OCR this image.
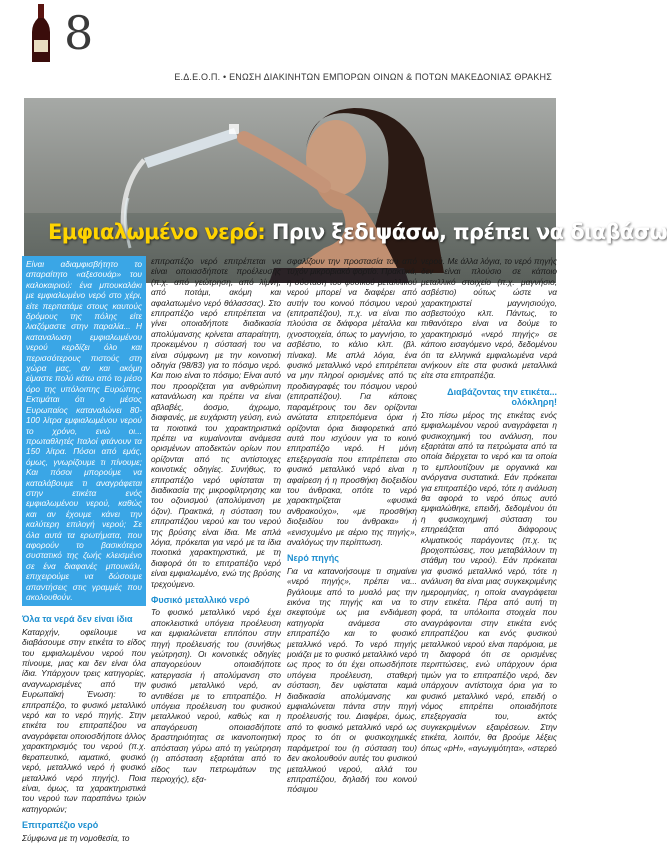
8
Ε.Δ.Ε.Ο.Π. • ΕΝΩΣΗ ΔΙΑΚΙΝΗΤΩΝ ΕΜΠΟΡΩΝ ΟΙΝΩΝ & ΠΟΤΩΝ ΜΑΚΕΔΟΝΙΑΣ ΘΡΑΚΗΣ
Εμφιαλωμένο νερό: Πριν ξεδιψάσω, πρέπει να διαβάσω

Είναι αδιαμφισβήτητο το απαραίτητο «αξεσουάρ» του καλοκαιριού: ένα μπουκαλάκι με εμφιαλωμένο νερό στο χέρι, είτε περπατάμε στους καυτούς δρόμους της πόλης είτε λιαζόμαστε στην παραλία... Η καταναλωση εμφιαλωμένου νερού κερδίζει όλο και περισσότερους πιστούς στη χώρα μας, αν και ακόμη είμαστε πολύ κάτω από το μέσο όρο της υπόλοιπης Ευρώπης. Εκτιμάται ότι ο μέσος Ευρωπαίος καταναλώνει 80-100 λίτρα εμφιαλωμένου νερού το χρόνο, ενώ οι... πρωταθλητές Ιταλοί φτάνουν τα 150 λίτρα. Πόσοι από εμάς, όμως, γνωρίζουμε τι πίνουμε; Και πόσοι μπορούμε να καταλάβουμε τι αναγράφεται στην ετικέτα ενός εμφιαλωμένου νερού, καθώς και αν έχουμε κάνει την καλύτερη επιλογή νερού; Σε όλα αυτά τα ερωτήματα, που αφορούν το βασικότερο συστατικό της ζωής κλεισμένο σε ένα διαφανές μπουκάλι, επιχειρούμε να δώσουμε απαντήσεις στις γραμμές που ακολουθούν.

Όλα τα νερά δεν είναι ίδια

Καταρχήν, οφείλουμε να διαβάσουμε στην ετικέτα το είδος του εμφιαλωμένου νερού που πίνουμε, μιας και δεν είναι όλα ίδια. Υπάρχουν τρεις κατηγορίες, αναγνωρισμένες από την Ευρωπαϊκή Ένωση: το επιτραπέζιο, το φυσικό μεταλλικό νερό και το νερό πηγής. Στην ετικέτα του επιτραπέζιου να αναγράφεται οποιοσδήποτε άλλος χαρακτηρισμός του νερού (π.χ. θεραπευτικό, ιαματικό, φυσικό νερό, μεταλλικό νερό ή φυσικό μεταλλικό νερό πηγής). Ποια είναι, όμως, τα χαρακτηριστικά του νερού των παραπάνω τριών κατηγοριών;

Επιτραπέζιο νερό

Σύμφωνα με τη νομοθεσία, το

επιτραπέζιο νερό επιτρέπεται να είναι οποιασδήποτε προέλευσης (π.χ. από γεώτρηση, από λίμνη, από ποτάμι, ακόμη και αφαλατωμένο νερό θάλασσας). Στο επιτραπέζιο νερό επιτρέπεται να γίνει οποιαδήποτε διαδικασία απολύμανσης κρίνεται απαραίτητη, προκειμένου η σύστασή του να είναι σύμφωνη με την κοινοτική οδηγία (98/83) για το πόσιμο νερό. Και ποιο είναι το πόσιμο; Είναι αυτό που προορίζεται για ανθρώπινη κατανάλωση και πρέπει να είναι αβλαβές, άοσμο, άχρωμο, διαφανές, με ευχάριστη γεύση, ενώ τα ποιοτικά του χαρακτηριστικά πρέπει να κυμαίνονται ανάμεσα ορισμένων αποδεκτών ορίων που ορίζονται από τις αντίστοιχες κοινοτικές οδηγίες. Συνήθως, το επιτραπέζιο νερό υφίσταται τη διαδικασία της μικροφίλτρησης και του οζονισμού (απολύμανση με όζον). Πρακτικά, η σύσταση του επιτραπέζιου νερού και του νερού της βρύσης είναι ίδια. Με απλά λόγια, πρόκειται για νερό με τα ίδια ποιοτικά χαρακτηριστικά, με τη διαφορά ότι το επιτραπέζιο νερό είναι εμφιαλωμένο, ενώ της βρύσης τρεχούμενο.

Φυσικό μεταλλικό νερό

Το φυσικό μεταλλικό νερό έχει αποκλειστικά υπόγεια προέλευση και εμφιαλώνεται επιτόπου στην πηγή προέλευσής του (συνήθως γεώτρηση). Οι κοινοτικές οδηγίες απαγορεύουν οποιαδήποτε κατεργασία ή απολύμανση στο φυσικό μεταλλικό νερό, αν αντιθέσει με το επιτραπέζιο. Η υπόγεια προέλευση του φυσικού μεταλλικού νερού, καθώς και η απαγόρευση οποιασδήποτε δραστηριότητας σε ικανοποιητική απόσταση γύρω από τη γεώτρηση (η απόσταση εξαρτάται από το είδος των πετρωμάτων της περιοχής), εξα-

σφαλίζουν την προστασία του από τυχόν μικροβιακό φορτίο. Πρακτικά, η σύσταση του φυσικού μεταλλικού νερού μπορεί να διαφέρει από αυτήν του κοινού πόσιμου νερού (επιτραπέζιου), π.χ. να είναι πιο πλούσια σε διάφορα μέταλλα και ιχνοστοιχεία, όπως το μαγνήσιο, το ασβέστιο, το κάλιο κλπ. (βλ. πίνακα). Με απλά λόγια, ένα φυσικό μεταλλικό νερό επιτρέπεται να μην πληροί ορισμένες από τις προδιαγραφές του πόσιμου νερού (επιτραπέζιου). Για κάποιες παραμέτρους του δεν ορίζονται ανώτατα επιτρεπόμενα όρια ή ορίζονται όρια διαφορετικά από αυτά που ισχύουν για το κοινό επιτραπέζιο νερό. Η μόνη επεξεργασία που επιτρέπεται στο φυσικό μεταλλικό νερό είναι η αφαίρεση ή η προσθήκη διοξειδίου του άνθρακα, οπότε το νερό χαρακτηρίζεται «φυσικά ανθρακούχο», «με προσθήκη διοξειδίου του άνθρακα» ή «ενισχυμένο με αέριο της πηγής», αναλόγως την περίπτωση.

Νερό πηγής

Για να κατανοήσουμε τι σημαίνει «νερό πηγής», πρέπει να... βγάλουμε από το μυαλό μας την εικόνα της πηγής και να το σκεφτούμε ως μια ενδιάμεση κατηγορία ανάμεσα στο επιτραπέζιο και το φυσικό μεταλλικό νερό. Το νερό πηγής μοιάζει με το φυσικό μεταλλικό νερό ως προς το ότι έχει οπωσδήποτε υπόγεια προέλευση, σταθερή σύσταση, δεν υφίσταται καμιά διαδικασία απολύμανσης και εμφιαλώνεται πάντα στην πηγή προέλευσής του. Διαφέρει, όμως, από το φυσικό μεταλλικό νερό ως προς το ότι οι φυσικοχημικές παράμετροί του (η σύσταση του) δεν ακολουθούν αυτές του φυσικού μεταλλικού νερού, αλλά του επιτραπέζιου, δηλαδή του κοινού πόσιμου

νερού. Με άλλα λόγια, το νερό πηγής δεν είναι πλούσιο σε κάποιο μεταλλικό στοιχείο (π.χ. μαγνήσιο, ασβέστιο) ούτως ώστε να χαρακτηριστεί μαγνησιούχο, ασβεστούχο κλπ. Πάντως, το πιθανότερο είναι να δούμε το χαρακτηρισμό «νερό πηγής» σε κάποιο εισαγόμενο νερό, δεδομένου ότι τα ελληνικά εμφιαλωμένα νερά ανήκουν είτε στα φυσικά μεταλλικά είτε στα επιτραπέζια.

Διαβάζοντας την ετικέτα... ολόκληρη!

Στο πίσω μέρος της ετικέτας ενός εμφιαλωμένου νερού αναγράφεται η φυσικοχημική του ανάλυση, που εξαρτάται από τα πετρώματα από τα οποία διέρχεται το νερό και τα οποία το εμπλουτίζουν με οργανικά και ανόργανα συστατικά. Εάν πρόκειται για επιτραπέζιο νερό, τότε η ανάλυση θα αφορά το νερό όπως αυτό εμφιαλώθηκε, επειδή, δεδομένου ότι η φυσικοχημική σύσταση του επηρεάζεται από διάφορους κλιματικούς παράγοντες (π.χ. τις βροχοπτώσεις, που μεταβάλλουν τη στάθμη του νερού). Εάν πρόκειται για φυσικό μεταλλικό νερό, τότε η ανάλυση θα είναι μιας συγκεκριμένης ημερομηνίας, η οποία αναγράφεται στην ετικέτα. Πέρα από αυτή τη φορά, τα υπόλοιπα στοιχεία που αναγράφονται στην ετικέτα ενός επιτραπέζιου και ενός φυσικού μεταλλικού νερού είναι παρόμοια, με τη διαφορά ότι σε ορισμένες περιπτώσεις, ενώ υπάρχουν όρια τιμών για το επιτραπέζιο νερό, δεν υπάρχουν αντίστοιχα όρια για το φυσικό μεταλλικό νερό, επειδή ο νόμος επιτρέπει οποιαδήποτε επεξεργασία του, εκτός συγκεκριμένων εξαιρέσεων. Στην ετικέτα, λοιπόν, θα βρούμε λέξεις όπως «pH», «αγωγιμότητα», «στερεό
